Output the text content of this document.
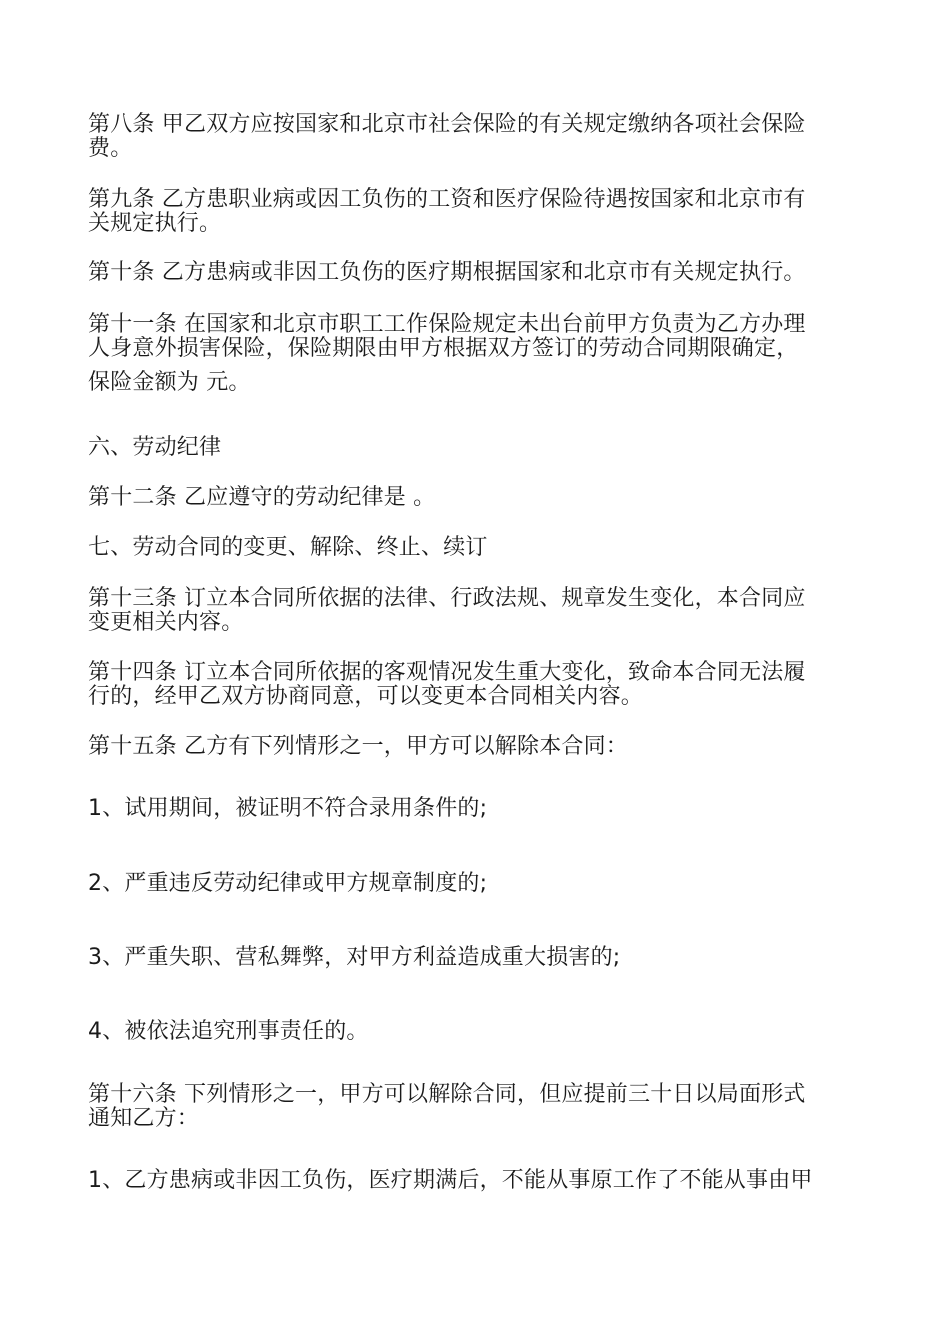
第八条 甲乙双方应按国家和北京市社会保险的有关规定缴纳各项社会保险
费。
第九条 乙方患职业病或因工负伤的工资和医疗保险待遇按国家和北京市有
关规定执行。
第十条 乙方患病或非因工负伤的医疗期根据国家和北京市有关规定执行。
第十一条 在国家和北京市职工工作保险规定未出台前甲方负责为乙方办理
人身意外损害保险，保险期限由甲方根据双方签订的劳动合同期限确定，
保险金额为 元。
六、劳动纪律
第十二条 乙应遵守的劳动纪律是 。
七、劳动合同的变更、解除、终止、续订
第十三条 订立本合同所依据的法律、行政法规、规章发生变化，本合同应
变更相关内容。
第十四条 订立本合同所依据的客观情况发生重大变化，致命本合同无法履
行的，经甲乙双方协商同意，可以变更本合同相关内容。
第十五条 乙方有下列情形之一，甲方可以解除本合同：
1、试用期间，被证明不符合录用条件的;
2、严重违反劳动纪律或甲方规章制度的;
3、严重失职、营私舞弊，对甲方利益造成重大损害的;
4、被依法追究刑事责任的。
第十六条 下列情形之一，甲方可以解除合同，但应提前三十日以局面形式
通知乙方：
1、乙方患病或非因工负伤，医疗期满后，不能从事原工作了不能从事由甲
